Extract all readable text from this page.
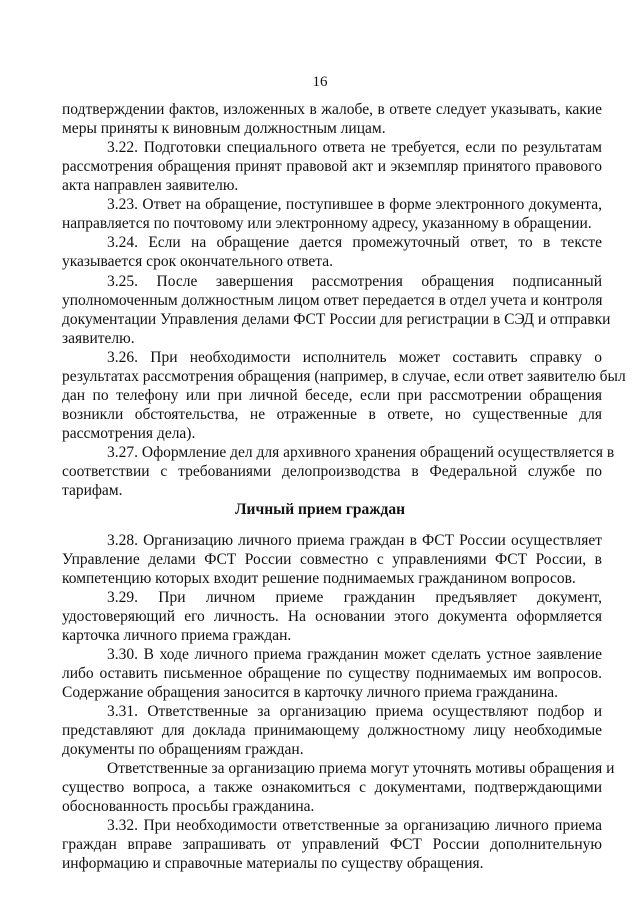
16
подтверждении фактов, изложенных в жалобе, в ответе следует указывать, какие
меры приняты к виновным должностным лицам.
3.22. Подготовки специального ответа не требуется, если по результатам
рассмотрения обращения принят правовой акт и экземпляр принятого правового
акта направлен заявителю.
3.23. Ответ на обращение, поступившее в форме электронного документа,
направляется по почтовому или электронному адресу, указанному в обращении.
3.24. Если на обращение дается промежуточный ответ, то в тексте
указывается срок окончательного ответа.
3.25. После завершения рассмотрения обращения подписанный
уполномоченным должностным лицом ответ передается в отдел учета и контроля
документации Управления делами ФСТ России для регистрации в СЭД и отправки
заявителю.
3.26. При необходимости исполнитель может составить справку о
результатах рассмотрения обращения (например, в случае, если ответ заявителю был
дан по телефону или при личной беседе, если при рассмотрении обращения
возникли обстоятельства, не отраженные в ответе, но существенные для
рассмотрения дела).
3.27. Оформление дел для архивного хранения обращений осуществляется в
соответствии с требованиями делопроизводства в Федеральной службе по
тарифам.
Личный прием граждан
3.28. Организацию личного приема граждан в ФСТ России осуществляет
Управление делами ФСТ России совместно с управлениями ФСТ России, в
компетенцию которых входит решение поднимаемых гражданином вопросов.
3.29. При личном приеме гражданин предъявляет документ,
удостоверяющий его личность. На основании этого документа оформляется
карточка личного приема граждан.
3.30. В ходе личного приема гражданин может сделать устное заявление
либо оставить письменное обращение по существу поднимаемых им вопросов.
Содержание обращения заносится в карточку личного приема гражданина.
3.31. Ответственные за организацию приема осуществляют подбор и
представляют для доклада принимающему должностному лицу необходимые
документы по обращениям граждан.
Ответственные за организацию приема могут уточнять мотивы обращения и
существо вопроса, а также ознакомиться с документами, подтверждающими
обоснованность просьбы гражданина.
3.32. При необходимости ответственные за организацию личного приема
граждан вправе запрашивать от управлений ФСТ России дополнительную
информацию и справочные материалы по существу обращения.
